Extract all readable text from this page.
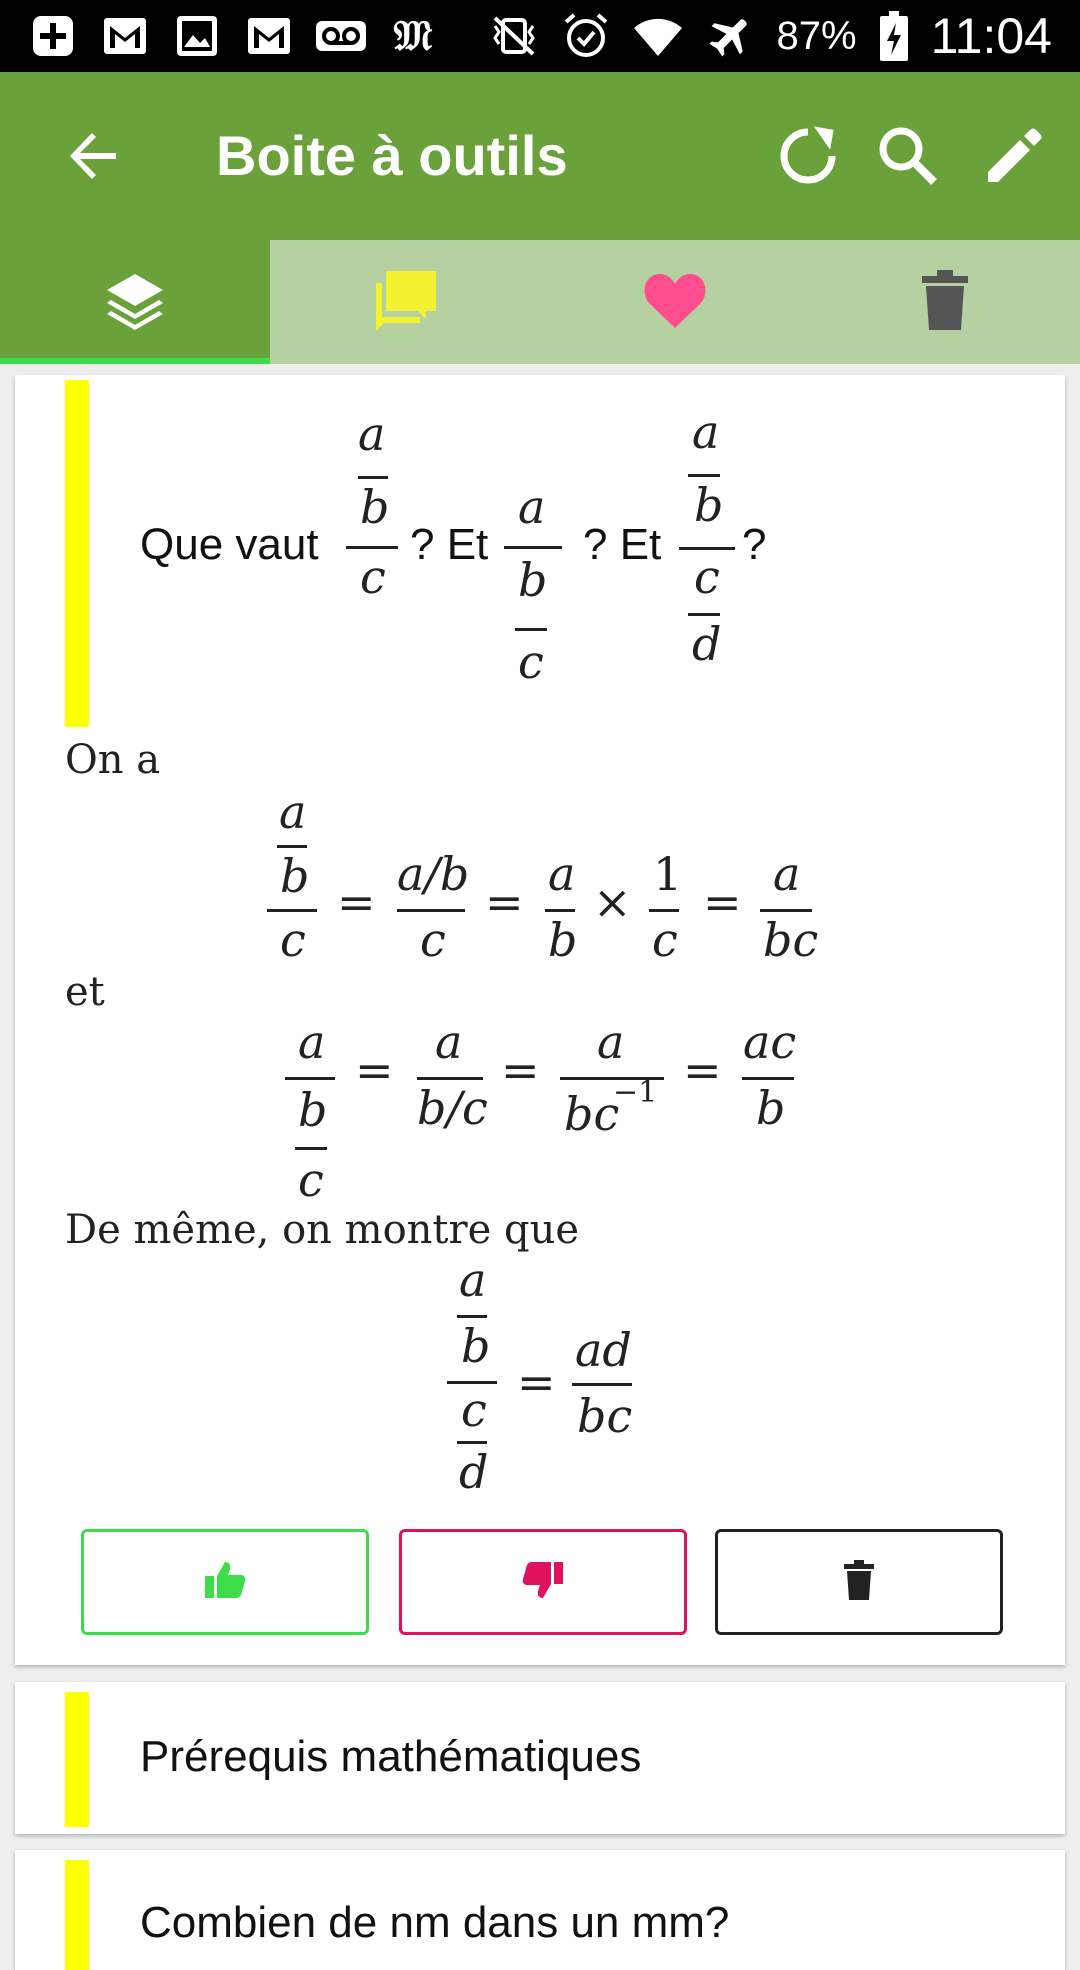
𝔐	87% 11:04
Boite à outils
Que vaut
a
b
c
? Et
a
b
c
? Et
a
b
c
d
?
On a
a
b
c
=
a/b
c
=
a
b
×
1
c
=
a
bc
et
a
b
c
=
a
b/c
=
a
bc
−1 =
ac
b
De même, on montre que
a
b
c
d
=
ad
bc
Prérequis mathématiques
Combien de nm dans un mm?
